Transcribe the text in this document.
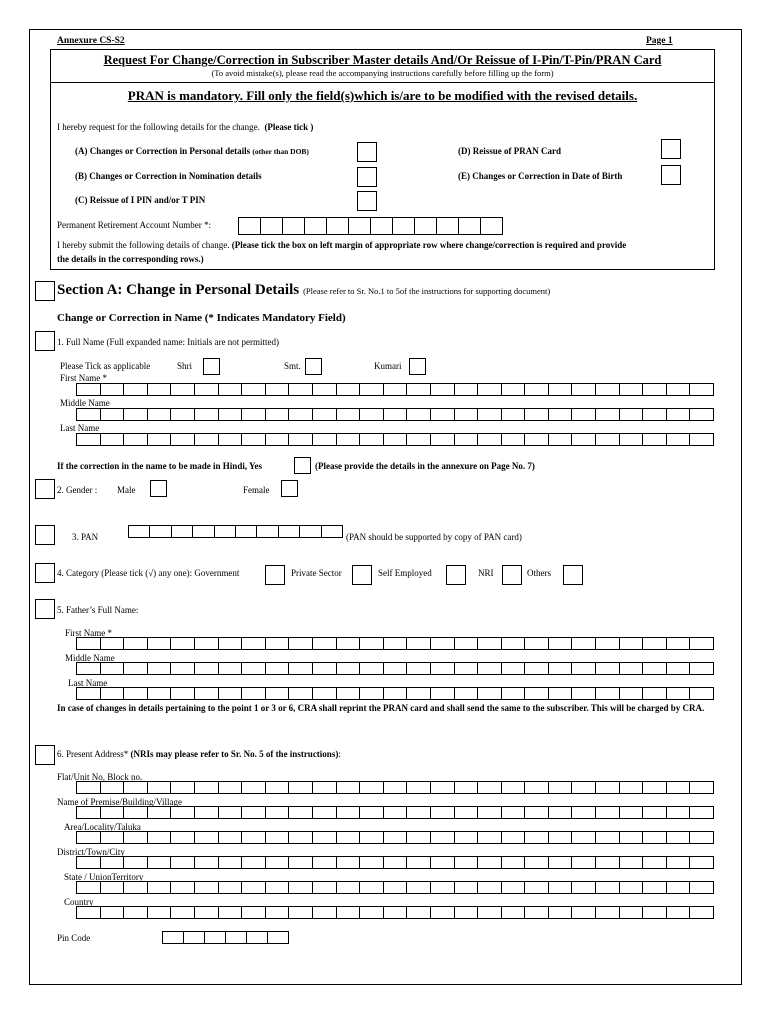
Annexure CS-S2	Page 1
Request For Change/Correction in Subscriber Master details And/Or Reissue of I-Pin/T-Pin/PRAN Card
(To avoid mistake(s), please read the accompanying instructions carefully before filling up the form)
PRAN is mandatory. Fill only the field(s)which is/are to be modified with the revised details.
I hereby request for the following details for the change. (Please tick )
(A) Changes or Correction in Personal details (other than DOB)	(D) Reissue of PRAN Card
(B) Changes or Correction in Nomination details	(E) Changes or Correction in Date of Birth
(C) Reissue of I PIN and/or T PIN
Permanent Retirement Account Number *:
I hereby submit the following details of change. (Please tick the box on left margin of appropriate row where change/correction is required and provide
the details in the corresponding rows.)
Section A: Change in Personal Details (Please refer to Sr. No.1 to 5of the instructions for supporting document)
Change or Correction in Name (* Indicates Mandatory Field)
1. Full Name (Full expanded name: Initials are not permitted)
Please Tick as applicable	Shri	Smt.	Kumari
First Name *
Middle Name
Last Name
If the correction in the name to be made in Hindi, Yes	(Please provide the details in the annexure on Page No. 7)
2. Gender : Male	Female
3. PAN	(PAN should be supported by copy of PAN card)
4. Category (Please tick (√) any one): Government	Private Sector	Self Employed	NRI	Others
5. Father’s Full Name:
First Name *
Middle Name
Last Name
In case of changes in details pertaining to the point 1 or 3 or 6, CRA shall reprint the PRAN card and shall send the same to the subscriber. This will be charged by CRA.
6. Present Address* (NRIs may please refer to Sr. No. 5 of the instructions):
Flat/Unit No, Block no.
Name of Premise/Building/Village
Area/Locality/Taluka
District/Town/City
State / UnionTerritory
Country
Pin Code
